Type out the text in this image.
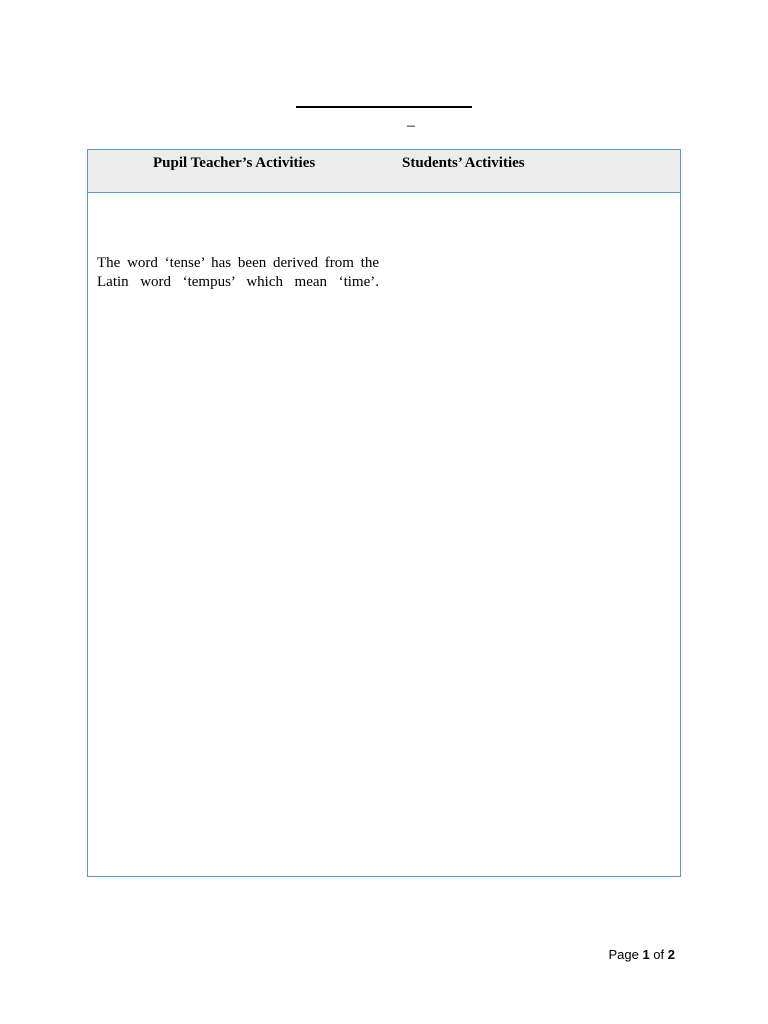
–
Pupil Teacher’s Activities	Students’ Activities
The word ‘tense’ has been derived from the Latin word ‘tempus’ which mean ‘time’.
Page 1 of 2
